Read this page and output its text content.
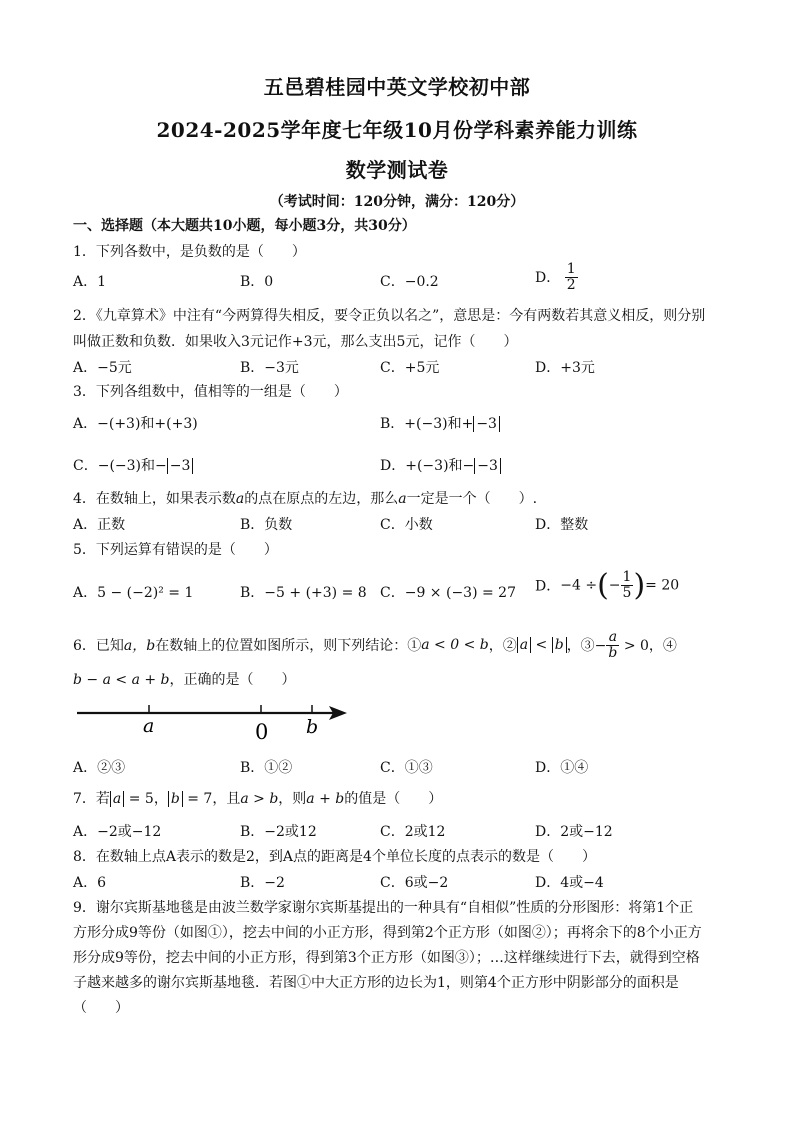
五邑碧桂园中英文学校初中部
2024-2025学年度七年级10月份学科素养能力训练
数学测试卷
（考试时间：120分钟，满分：120分）
一、选择题（本大题共10小题，每小题3分，共30分）
1．下列各数中，是负数的是（　　）
A．1	B．0	C．−0.2	D． $\frac{1}{2}$
2．《九章算术》中注有“今两算得失相反，要令正负以名之”，意思是：今有两数若其意义相反，则分别
叫做正数和负数．如果收入3元记作+3元，那么支出5元，记作（　　）
A．−5元	B．−3元	C．+5元	D．+3元
3．下列各组数中，值相等的一组是（　　）
A．−(+3)和+(+3)	B．+(−3)和+ −3
C．−(−3)和− −3	D．+(−3)和− −3
4．在数轴上，如果表示数a的点在原点的左边，那么a一定是一个（　　）.
A．正数	B．负数	C．小数	D．整数
5．下列运算有错误的是（　　）
A．5 − (−2)² = 1	B．−5 + (+3) = 8 C．−9 × (−3) = 27 D．−4 ÷(− $\frac{1}{5}$ )= 20
6．已知a，b在数轴上的位置如图所示，则下列结论：①a < 0 < b，② a < b ，③− $\frac{a}{b} > 0$，④
b − a < a + b，正确的是（　　）
a	0 b
A．②③	B．①②	C．①③	D．①④
7．若 a = 5， b = 7，且a > b，则a + b的值是（　　）
A．−2或−12	B．−2或12	C．2或12	D．2或−12
8．在数轴上点A表示的数是2，到A点的距离是4个单位长度的点表示的数是（　　）
A．6	B．−2	C．6或−2	D．4或−4
9．谢尔宾斯基地毯是由波兰数学家谢尔宾斯基提出的一种具有“自相似”性质的分形图形：将第1个正
方形分成9等份（如图①），挖去中间的小正方形，得到第2个正方形（如图②）；再将余下的8个小正方
形分成9等份，挖去中间的小正方形，得到第3个正方形（如图③）；…这样继续进行下去，就得到空格
子越来越多的谢尔宾斯基地毯．若图①中大正方形的边长为1，则第4个正方形中阴影部分的面积是
（　　）
